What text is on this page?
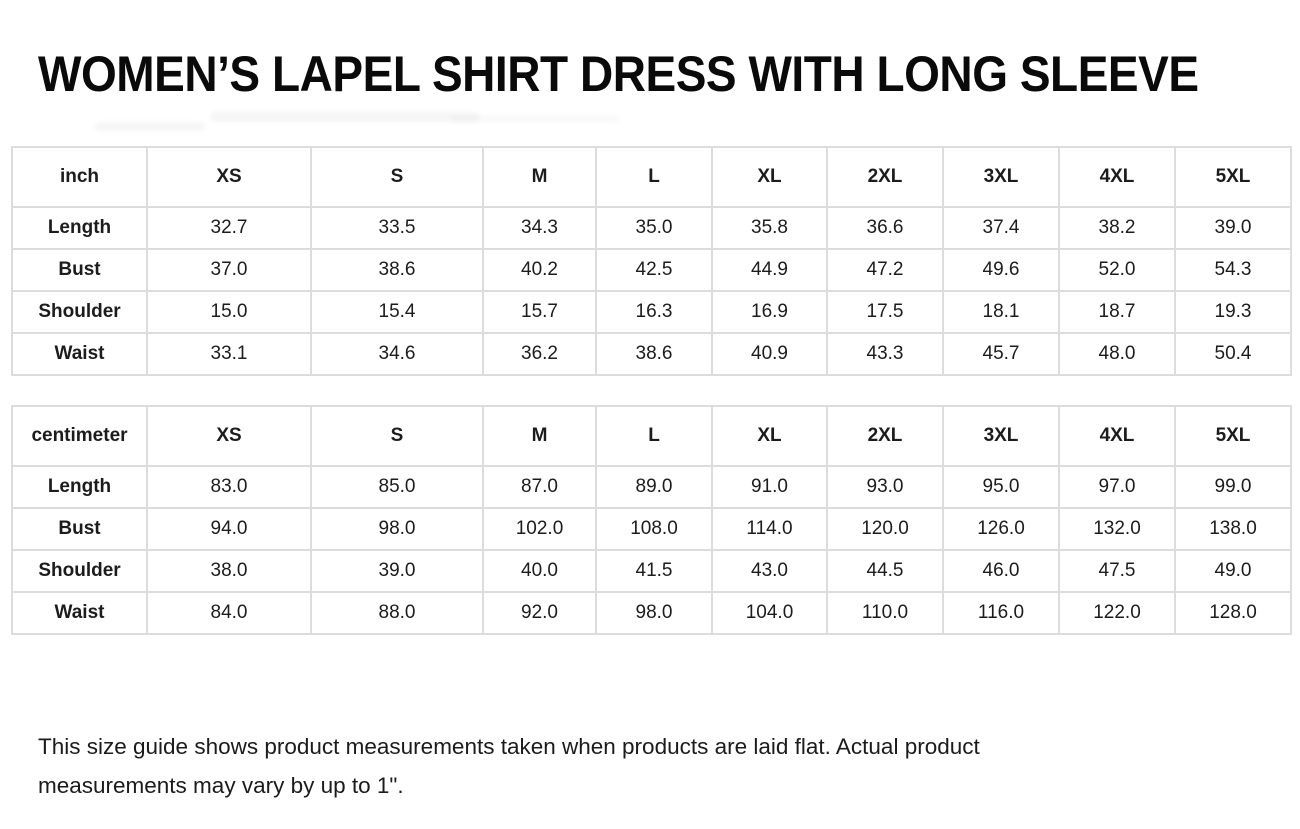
WOMEN’S LAPEL SHIRT DRESS WITH LONG SLEEVE
inch	XS	S	M	L	XL	2XL	3XL	4XL	5XL
Length	32.7	33.5	34.3	35.0	35.8	36.6	37.4	38.2	39.0
Bust	37.0	38.6	40.2	42.5	44.9	47.2	49.6	52.0	54.3
Shoulder	15.0	15.4	15.7	16.3	16.9	17.5	18.1	18.7	19.3
Waist	33.1	34.6	36.2	38.6	40.9	43.3	45.7	48.0	50.4
centimeter	XS	S	M	L	XL	2XL	3XL	4XL	5XL
Length	83.0	85.0	87.0	89.0	91.0	93.0	95.0	97.0	99.0
Bust	94.0	98.0	102.0	108.0	114.0	120.0	126.0	132.0	138.0
Shoulder	38.0	39.0	40.0	41.5	43.0	44.5	46.0	47.5	49.0
Waist	84.0	88.0	92.0	98.0	104.0	110.0	116.0	122.0	128.0

This size guide shows product measurements taken when products are laid flat. Actual product measurements may vary by up to 1".
